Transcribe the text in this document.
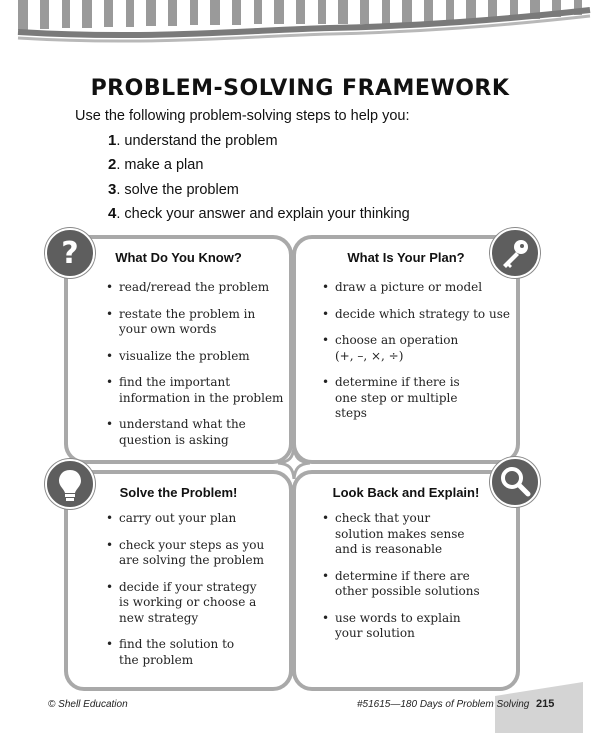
PROBLEM-SOLVING FRAMEWORK
Use the following problem-solving steps to help you:
1. understand the problem
2. make a plan
3. solve the problem
4. check your answer and explain your thinking
What Do You Know?
• read/reread the problem
• restate the problem in your own words
• visualize the problem
• find the important information in the problem
• understand what the question is asking
What Is Your Plan?
• draw a picture or model
• decide which strategy to use
• choose an operation (+, –, ×, ÷)
• determine if there is one step or multiple steps
Solve the Problem!
• carry out your plan
• check your steps as you are solving the problem
• decide if your strategy is working or choose a new strategy
• find the solution to the problem
Look Back and Explain!
• check that your solution makes sense and is reasonable
• determine if there are other possible solutions
• use words to explain your solution
?
© Shell Education	#51615—180 Days of Problem Solving 215
